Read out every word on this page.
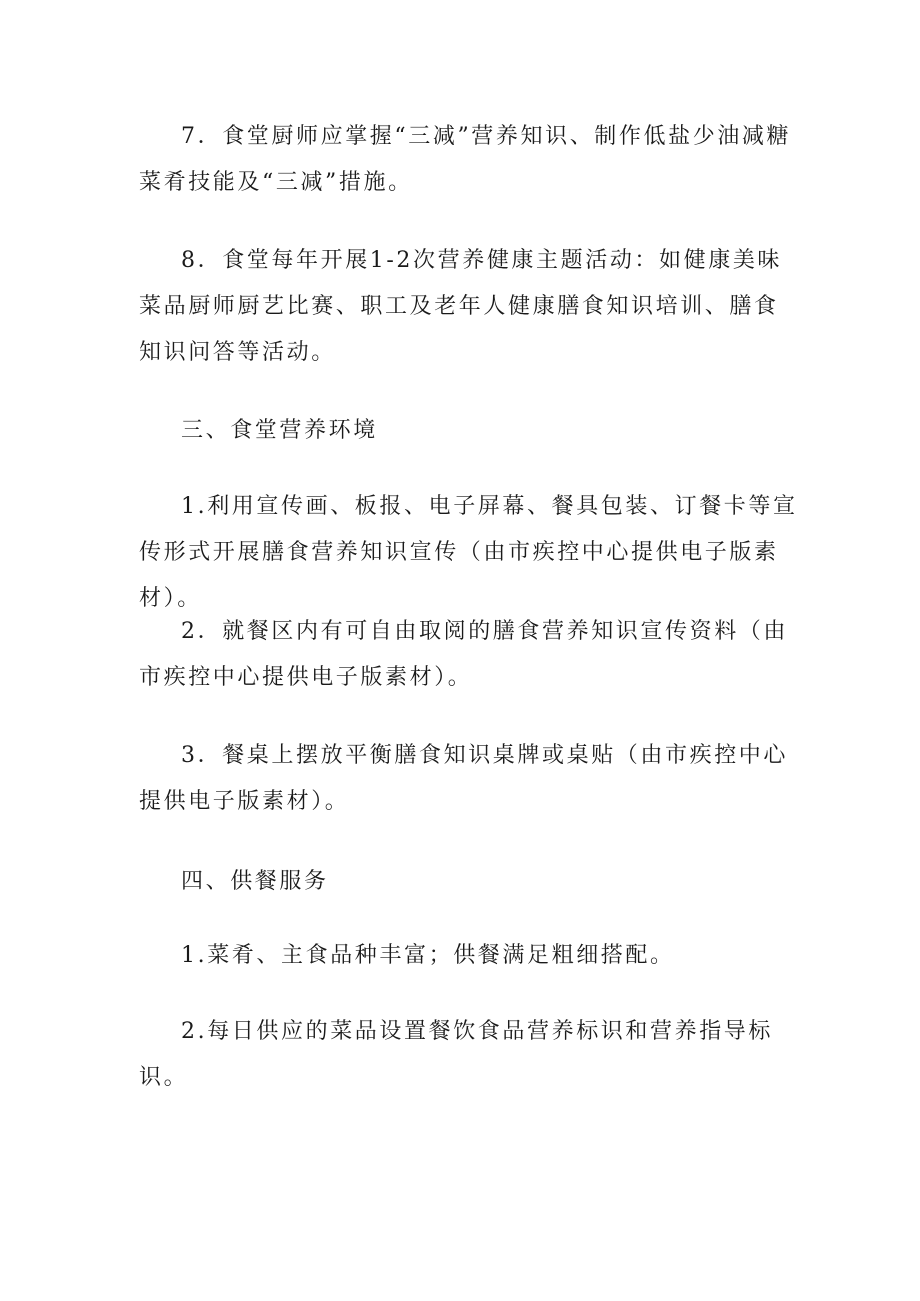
7．食堂厨师应掌握“三减”营养知识、制作低盐少油减糖菜肴技能及“三减”措施。

8．食堂每年开展1-2次营养健康主题活动：如健康美味菜品厨师厨艺比赛、职工及老年人健康膳食知识培训、膳食知识问答等活动。

三、食堂营养环境

1.利用宣传画、板报、电子屏幕、餐具包装、订餐卡等宣传形式开展膳食营养知识宣传（由市疾控中心提供电子版素材）。

2．就餐区内有可自由取阅的膳食营养知识宣传资料（由市疾控中心提供电子版素材）。

3．餐桌上摆放平衡膳食知识桌牌或桌贴（由市疾控中心提供电子版素材）。

四、供餐服务

1.菜肴、主食品种丰富；供餐满足粗细搭配。

2.每日供应的菜品设置餐饮食品营养标识和营养指导标识。
